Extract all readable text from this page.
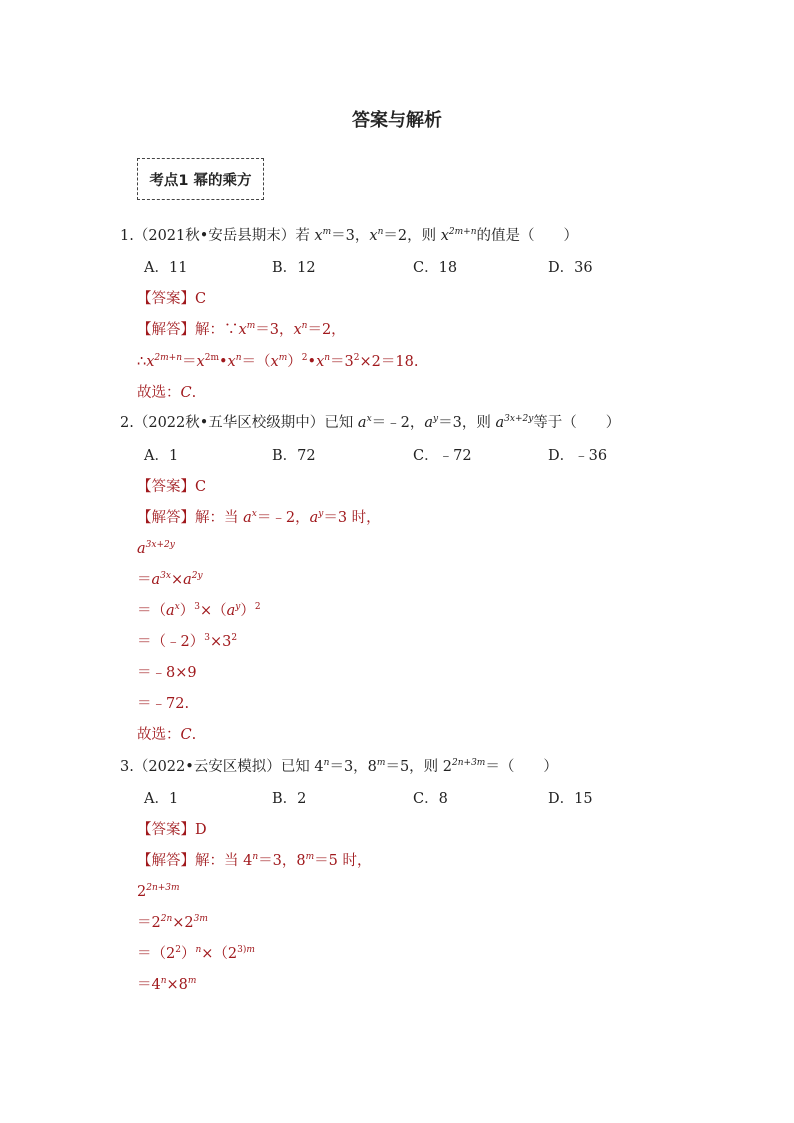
答案与解析
考点1 幂的乘方
1.（2021秋•安岳县期末）若 $x^m=3$，$x^n=2$，则 $x^{2m+n}$的值是（　　）
A．11	B．12	C．18	D．36
【答案】C
【解答】解：$\because x^m=3$，$x^n=2$，
$\therefore x^{2m+n}=x^{2m}•x^n=(x^m)^2•x^n=3^2\times 2=18$.
故选：C.
2.（2022秋•五华区校级期中）已知 $a^x=﹣2$，$a^y=3$，则 $a^{3x+2y}$等于（　　）
A．1	B．72	C．﹣72	D．﹣36
【答案】C
【解答】解：当 $a^x=﹣2$，$a^y=3$ 时，
$a^{3x+2y}$
$=a^{3x}\times a^{2y}$
$=(a^x)^3\times(a^y)^2$
$=(﹣2)^3\times 3^2$
＝﹣8×9
＝﹣72.
故选：C.
3.（2022•云安区模拟）已知 $4^n=3$，$8^m=5$，则 $2^{2n+3m}=$（　　）
A．1	B．2	C．8	D．15
【答案】D
【解答】解：当 $4^n=3$，$8^m=5$ 时，
$2^{2n+3m}$
$=2^{2n}\times 2^{3m}$
$=(2^2)^n\times(2^{3)m}$
$=4^n\times 8^m$
